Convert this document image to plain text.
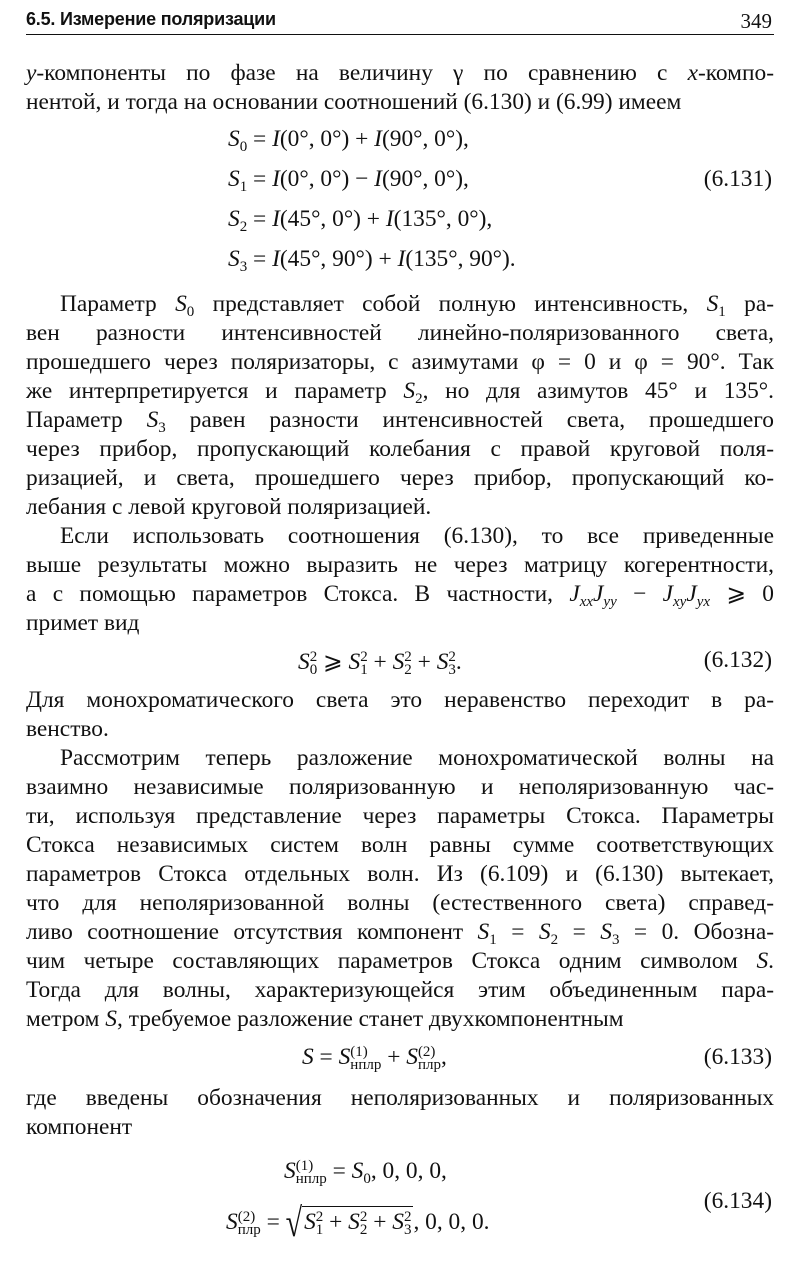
6.5. Измерение поляризации	349
y-компоненты по фазе на величину γ по сравнению с x-компо-
нентой, и тогда на основании соотношений (6.130) и (6.99) имеем
$S_0 = I(0^\circ$, 0°) + I(90°, 0°),
$S_1 = I(0^\circ$, 0°) − I(90°, 0°),
$S_2 = I(45^\circ$, 0°) + I(135°, 0°),
$S_3 = I(45^\circ$, 90°) + I(135°, 90°).
(6.131)
Параметр $S_0$ представляет собой полную интенсивность, $S_1$ ра-
вен разности интенсивностей линейно-поляризованного света,
прошедшего через поляризаторы, с азимутами φ = 0 и φ = 90°. Так
же интерпретируется и параметр $S_2$, но для азимутов 45° и 135°.
Параметр $S_3$ равен разности интенсивностей света, прошедшего
через прибор, пропускающий колебания с правой круговой поля-
ризацией, и света, прошедшего через прибор, пропускающий ко-
лебания с левой круговой поляризацией.
Если использовать соотношения (6.130), то все приведенные
выше результаты можно выразить не через матрицу когерентности,
а с помощью параметров Стокса. В частности, $J_{xx}J_{yy} - J_{xy}J_{yx}$ ⩾ 0
примет вид
S 2
0 ⩾ S 2
1 + S 2
2 + S 2
3 .	(6.132)
Для монохроматического света это неравенство переходит в ра-
венство.
Рассмотрим теперь разложение монохроматической волны на
взаимно независимые поляризованную и неполяризованную час-
ти, используя представление через параметры Стокса. Параметры
Стокса независимых систем волн равны сумме соответствующих
параметров Стокса отдельных волн. Из (6.109) и (6.130) вытекает,
что для неполяризованной волны (естественного света) справед-
ливо соотношение отсутствия компонент $S_1 = S_2 = S_3 = 0$. Обозна-
чим четыре составляющих параметров Стокса одним символом S.
Тогда для волны, характеризующейся этим объединенным пара-
метром S, требуемое разложение станет двухкомпонентным
S = S (1)
нплр + S (2)
плр ,	(6.133)
где введены обозначения неполяризованных и поляризованных
компонент
S (1)
нплр = $S_0$, 0, 0, 0,
S (2)
плр = √S 2
1 + S 2
2 + S 2
3 , 0, 0, 0.
(6.134)
